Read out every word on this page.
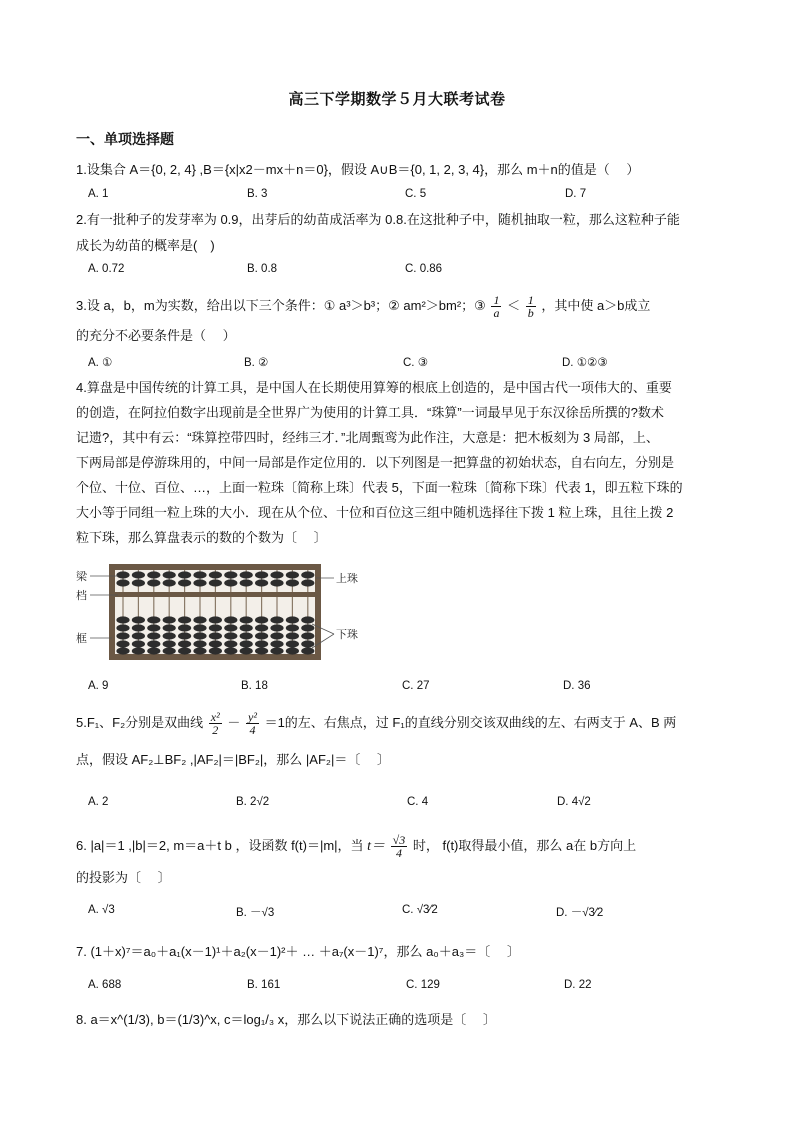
高三下学期数学５月大联考试卷
一、单项选择题
1.设集合 A＝{0, 2, 4} ,B＝{x|x2－mx＋n＝0}，假设 A∪B＝{0, 1, 2, 3, 4}，那么 m＋n的值是（　 ）
A. 1	B. 3	C. 5	D. 7
2.有一批种子的发芽率为 0.9，出芽后的幼苗成活率为 0.8.在这批种子中，随机抽取一粒，那么这粒种子能
成长为幼苗的概率是(　)
A. 0.72	B. 0.8	C. 0.86
3.设 a，b，m为实数，给出以下三个条件：① a³＞b³；② am²＞bm²；③ $\frac{1}{a} < \frac{1}{b}$ ，其中使 a＞b成立
的充分不必要条件是（　 ）
A. ①	B. ②	C. ③	D. ①②③
4.算盘是中国传统的计算工具，是中国人在长期使用算筹的根底上创造的，是中国古代一项伟大的、重要
的创造，在阿拉伯数字出现前是全世界广为使用的计算工具．“珠算”一词最早见于东汉徐岳所撰的?数术
记遗?，其中有云：“珠算控带四时，经纬三才．”北周甄鸾为此作注，大意是：把木板刻为 3 局部，上、
下两局部是停游珠用的，中间一局部是作定位用的．以下列图是一把算盘的初始状态，自右向左，分别是
个位、十位、百位、…，上面一粒珠〔简称上珠〕代表 5，下面一粒珠〔简称下珠〕代表 1，即五粒下珠的
大小等于同组一粒上珠的大小．现在从个位、十位和百位这三组中随机选择往下拨 1 粒上珠，且往上拨 2
粒下珠，那么算盘表示的数的个数为〔　 〕
梁
档
框
上珠
下珠
A. 9	B. 18	C. 27	D. 36
5.F₁、F₂分别是双曲线 $\frac{\text{x²}}{2} - \frac{\text{y²}}{4} =1$的左、右焦点，过 F₁的直线分别交该双曲线的左、右两支于 A、B 两
点，假设 AF₂⊥BF₂ ,|AF₂|＝|BF₂|，那么 |AF₂|＝〔　 〕
A. 2	B. 2√2	C. 4	D. 4√2
6. |a|＝1 ,|b|＝2, m＝a＋t b ，设函数 f(t)＝|m|，当 $t= \frac{√3}{4}$ 时， f(t)取得最小值，那么 a在 b方向上
的投影为〔　 〕
A. √3	B. －√3	C. √3⁄2	D. －√3⁄2
7. (1＋x)⁷＝a₀＋a₁(x－1)¹＋a₂(x－1)²＋ … ＋a₇(x－1)⁷，那么 a₀＋a₃＝〔　 〕
A. 688	B. 161	C. 129	D. 22
8. a＝x^(1/3), b＝(1/3)^x, c＝log₁/₃ x，那么以下说法正确的选项是〔　 〕
